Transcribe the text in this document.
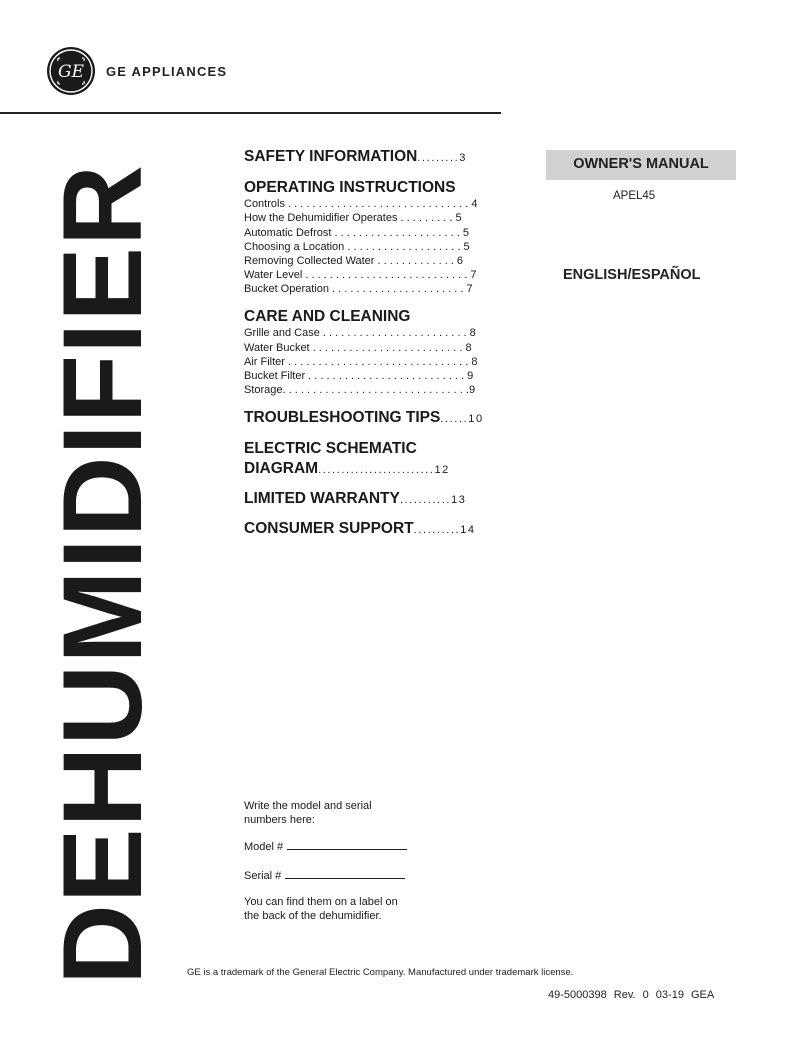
GE GE APPLIANCES
DEHUMIDIFIER
SAFETY INFORMATION.........3
OPERATING INSTRUCTIONS
Controls . . . . . . . . . . . . . . . . . . . . . . . . . . . . . . 4
How the Dehumidifier Operates . . . . . . . . . 5
Automatic Defrost . . . . . . . . . . . . . . . . . . . . . 5
Choosing a Location . . . . . . . . . . . . . . . . . . . 5
Removing Collected Water . . . . . . . . . . . . . 6
Water Level . . . . . . . . . . . . . . . . . . . . . . . . . . . 7
Bucket Operation . . . . . . . . . . . . . . . . . . . . . . 7
CARE AND CLEANING
Grille and Case . . . . . . . . . . . . . . . . . . . . . . . . 8
Water Bucket . . . . . . . . . . . . . . . . . . . . . . . . . 8
Air Filter . . . . . . . . . . . . . . . . . . . . . . . . . . . . . . 8
Bucket Filter . . . . . . . . . . . . . . . . . . . . . . . . . . 9
Storage. . . . . . . . . . . . . . . . . . . . . . . . . . . . . . .9
TROUBLESHOOTING TIPS......10
ELECTRIC SCHEMATIC
DIAGRAM.........................12
LIMITED WARRANTY...........13
CONSUMER SUPPORT..........14
OWNER'S MANUAL
APEL45
ENGLISH/ESPAÑOL
Write the model and serial
numbers here:
Model #
Serial #
You can find them on a label on
the back of the dehumidifier.
GE is a trademark of the General Electric Company. Manufactured under trademark license.
49-5000398 Rev. 0 03-19 GEA
